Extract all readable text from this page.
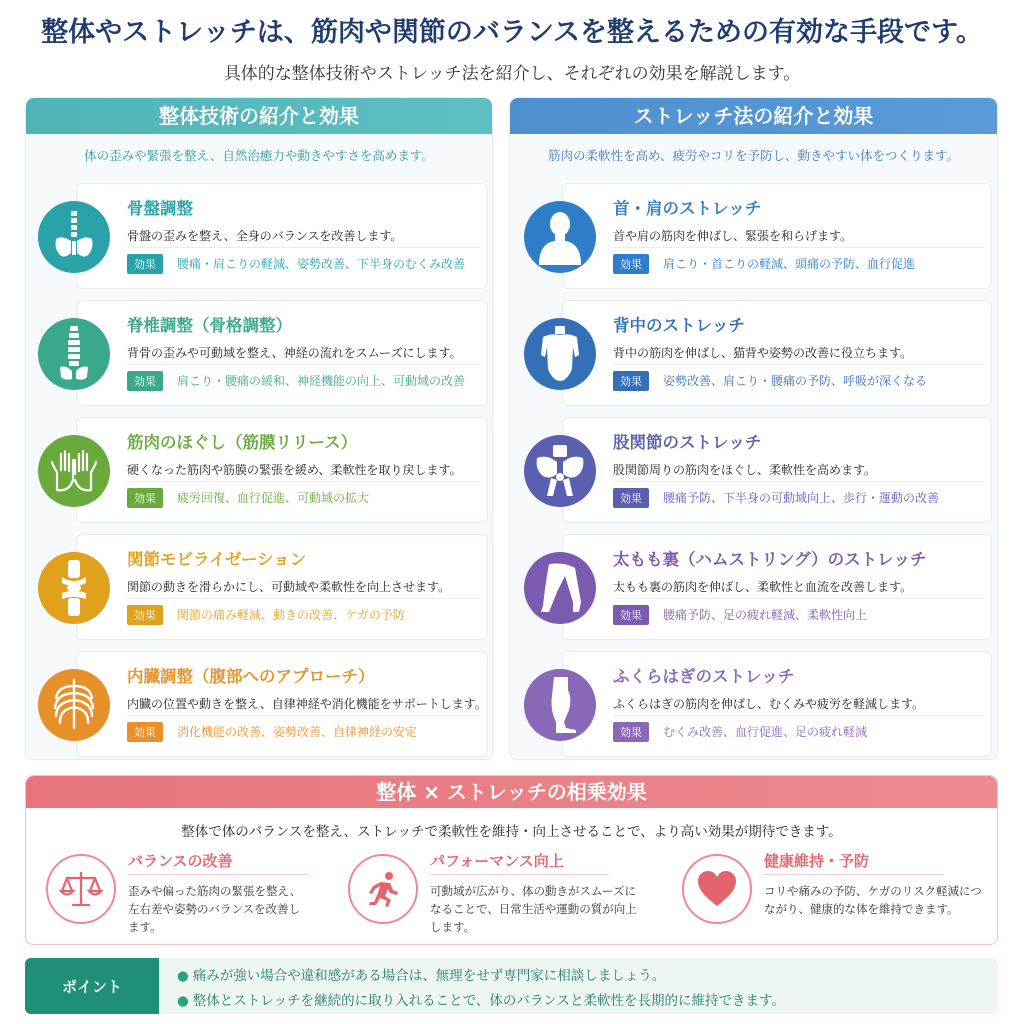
整体やストレッチは、筋肉や関節のバランスを整えるための有効な手段です。

具体的な整体技術やストレッチ法を紹介し、それぞれの効果を解説します。

整体技術の紹介と効果
体の歪みや緊張を整え、自然治癒力や動きやすさを高めます。
骨盤調整
骨盤の歪みを整え、全身のバランスを改善します。
効果	腰痛・肩こりの軽減、姿勢改善、下半身のむくみ改善
脊椎調整（骨格調整）
背骨の歪みや可動域を整え、神経の流れをスムーズにします。
効果	肩こり・腰痛の緩和、神経機能の向上、可動域の改善
筋肉のほぐし（筋膜リリース）
硬くなった筋肉や筋膜の緊張を緩め、柔軟性を取り戻します。
効果	疲労回復、血行促進、可動域の拡大
関節モビライゼーション
関節の動きを滑らかにし、可動域や柔軟性を向上させます。
効果	関節の痛み軽減、動きの改善、ケガの予防
内臓調整（腹部へのアプローチ）
内臓の位置や動きを整え、自律神経や消化機能をサポートします。
効果	消化機能の改善、姿勢改善、自律神経の安定
ストレッチ法の紹介と効果
筋肉の柔軟性を高め、疲労やコリを予防し、動きやすい体をつくります。
首・肩のストレッチ
首や肩の筋肉を伸ばし、緊張を和らげます。
効果	肩こり・首こりの軽減、頭痛の予防、血行促進
背中のストレッチ
背中の筋肉を伸ばし、猫背や姿勢の改善に役立ちます。
効果	姿勢改善、肩こり・腰痛の予防、呼吸が深くなる
股関節のストレッチ
股関節周りの筋肉をほぐし、柔軟性を高めます。
効果	腰痛予防、下半身の可動域向上、歩行・運動の改善
太もも裏（ハムストリング）のストレッチ
太もも裏の筋肉を伸ばし、柔軟性と血流を改善します。
効果	腰痛予防、足の疲れ軽減、柔軟性向上
ふくらはぎのストレッチ
ふくらはぎの筋肉を伸ばし、むくみや疲労を軽減します。
効果	むくみ改善、血行促進、足の疲れ軽減
整体 × ストレッチの相乗効果
整体で体のバランスを整え、ストレッチで柔軟性を維持・向上させることで、より高い効果が期待できます。
バランスの改善
歪みや偏った筋肉の緊張を整え、左右差や姿勢のバランスを改善します。
パフォーマンス向上
可動域が広がり、体の動きがスムーズになることで、日常生活や運動の質が向上します。
健康維持・予防
コリや痛みの予防、ケガのリスク軽減につながり、健康的な体を維持できます。
ポイント
● 痛みが強い場合や違和感がある場合は、無理をせず専門家に相談しましょう。
● 整体とストレッチを継続的に取り入れることで、体のバランスと柔軟性を長期的に維持できます。
